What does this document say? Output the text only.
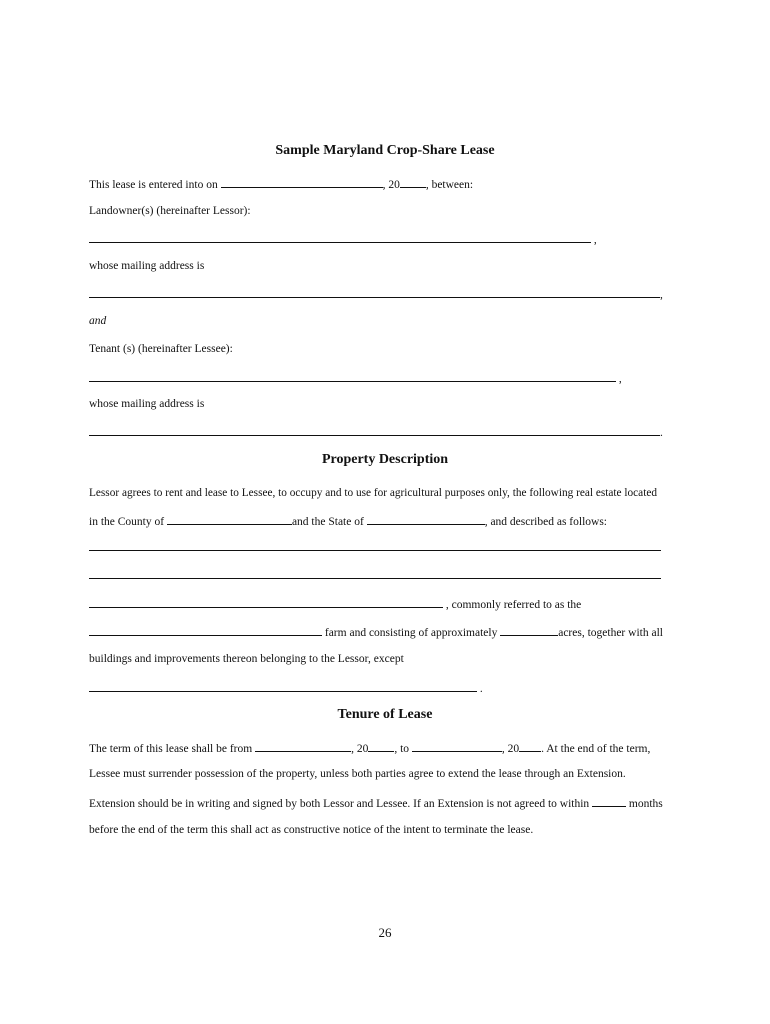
Sample Maryland Crop-Share Lease
This lease is entered into on	, 20 , between:
Landowner(s) (hereinafter Lessor):
,
whose mailing address is
,
and
Tenant (s) (hereinafter Lessee):
,
whose mailing address is
.
Property Description
Lessor agrees to rent and lease to Lessee, to occupy and to use for agricultural purposes only, the following real estate located
in the County of	and the State of	, and described as follows:
, commonly referred to as the
farm and consisting of approximately	acres, together with all
buildings and improvements thereon belonging to the Lessor, except
.
Tenure of Lease
The term of this lease shall be from	, 20 , to	, 20 . At the end of the term,
Lessee must surrender possession of the property, unless both parties agree to extend the lease through an Extension.
Extension should be in writing and signed by both Lessor and Lessee. If an Extension is not agreed to within	months
before the end of the term this shall act as constructive notice of the intent to terminate the lease.
26
